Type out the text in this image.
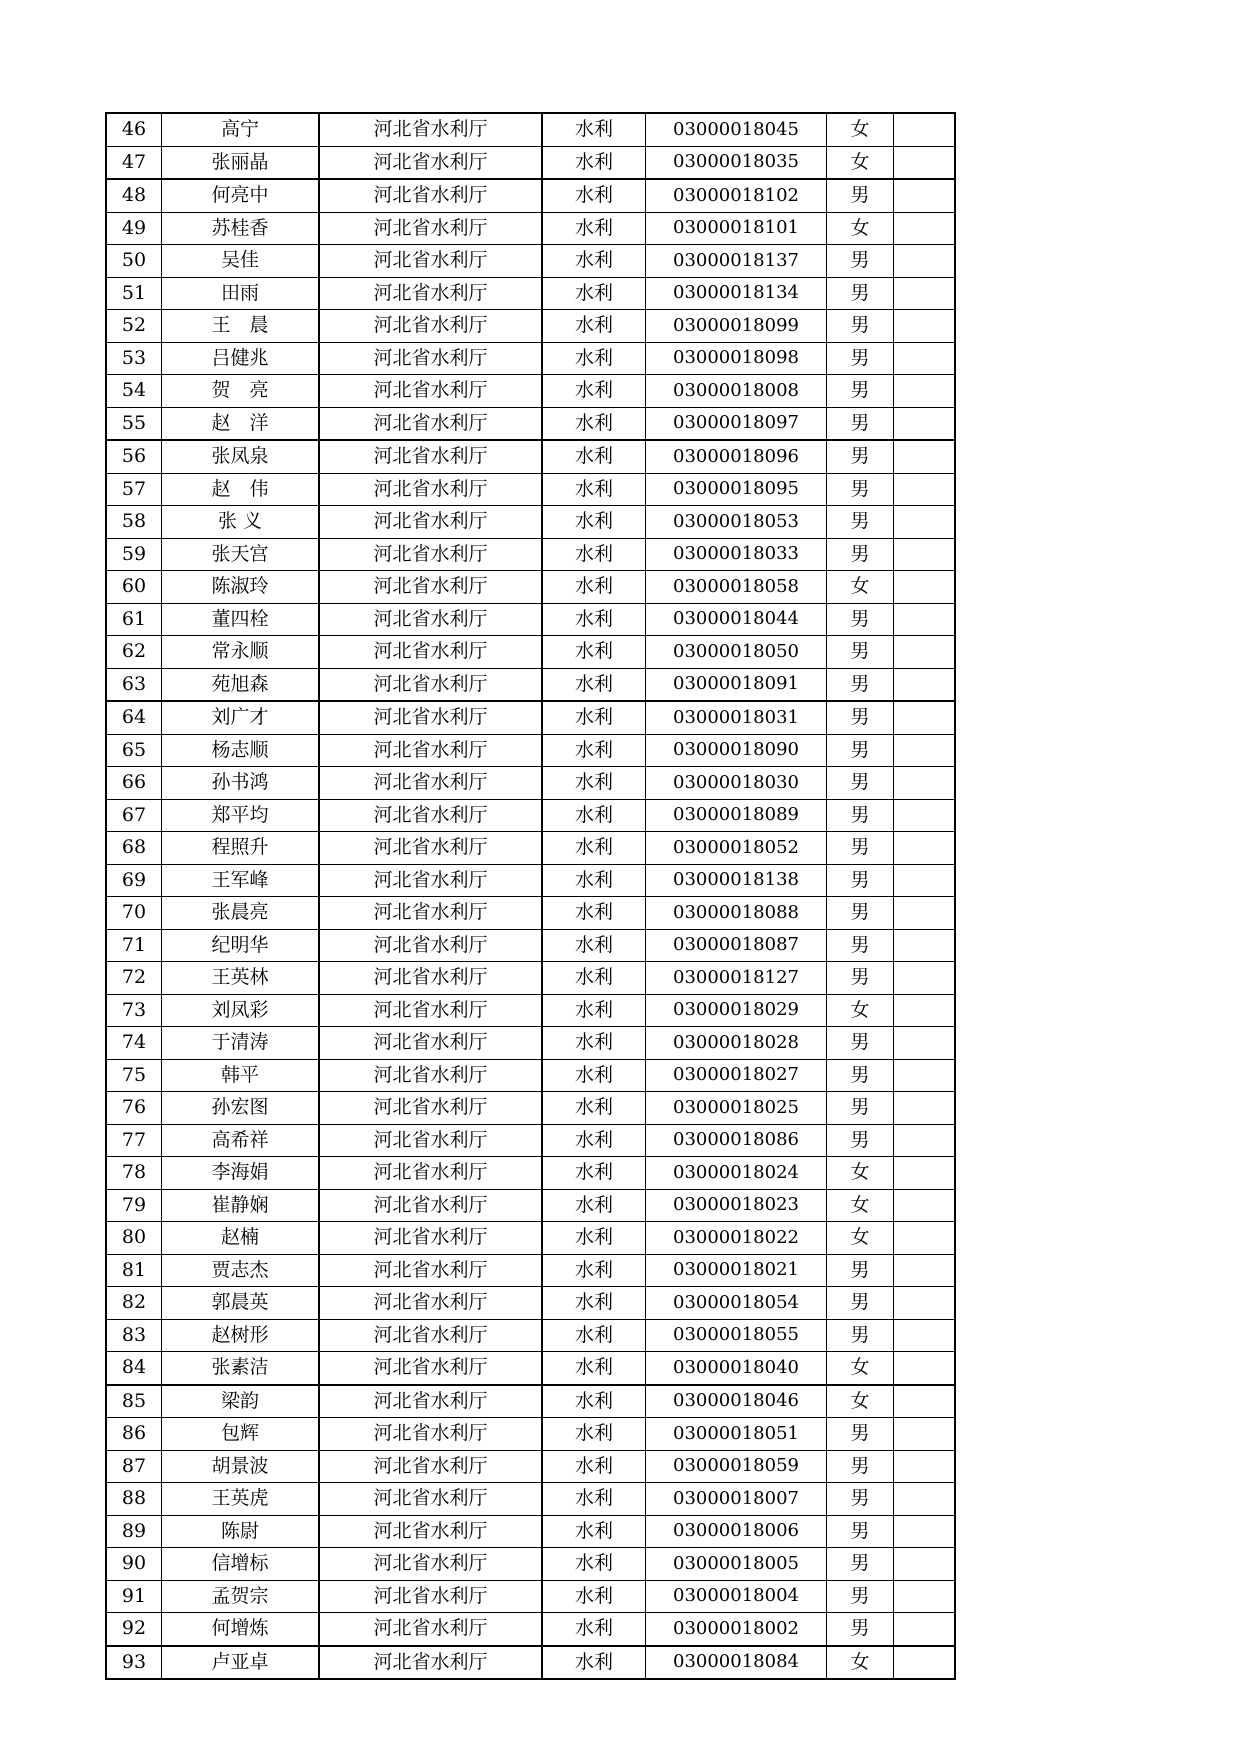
46	高宁	河北省水利厅	水利	03000018045	女	
47	张丽晶	河北省水利厅	水利	03000018035	女	
48	何亮中	河北省水利厅	水利	03000018102	男	
49	苏桂香	河北省水利厅	水利	03000018101	女	
50	吴佳	河北省水利厅	水利	03000018137	男	
51	田雨	河北省水利厅	水利	03000018134	男	
52	王　晨	河北省水利厅	水利	03000018099	男	
53	吕健兆	河北省水利厅	水利	03000018098	男	
54	贺　亮	河北省水利厅	水利	03000018008	男	
55	赵　洋	河北省水利厅	水利	03000018097	男	
56	张凤泉	河北省水利厅	水利	03000018096	男	
57	赵　伟	河北省水利厅	水利	03000018095	男	
58	张 义	河北省水利厅	水利	03000018053	男	
59	张天宫	河北省水利厅	水利	03000018033	男	
60	陈淑玲	河北省水利厅	水利	03000018058	女	
61	董四栓	河北省水利厅	水利	03000018044	男	
62	常永顺	河北省水利厅	水利	03000018050	男	
63	苑旭森	河北省水利厅	水利	03000018091	男	
64	刘广才	河北省水利厅	水利	03000018031	男	
65	杨志顺	河北省水利厅	水利	03000018090	男	
66	孙书鸿	河北省水利厅	水利	03000018030	男	
67	郑平均	河北省水利厅	水利	03000018089	男	
68	程照升	河北省水利厅	水利	03000018052	男	
69	王军峰	河北省水利厅	水利	03000018138	男	
70	张晨亮	河北省水利厅	水利	03000018088	男	
71	纪明华	河北省水利厅	水利	03000018087	男	
72	王英林	河北省水利厅	水利	03000018127	男	
73	刘凤彩	河北省水利厅	水利	03000018029	女	
74	于清涛	河北省水利厅	水利	03000018028	男	
75	韩平	河北省水利厅	水利	03000018027	男	
76	孙宏图	河北省水利厅	水利	03000018025	男	
77	高希祥	河北省水利厅	水利	03000018086	男	
78	李海娟	河北省水利厅	水利	03000018024	女	
79	崔静娴	河北省水利厅	水利	03000018023	女	
80	赵楠	河北省水利厅	水利	03000018022	女	
81	贾志杰	河北省水利厅	水利	03000018021	男	
82	郭晨英	河北省水利厅	水利	03000018054	男	
83	赵树形	河北省水利厅	水利	03000018055	男	
84	张素洁	河北省水利厅	水利	03000018040	女	
85	梁韵	河北省水利厅	水利	03000018046	女	
86	包辉	河北省水利厅	水利	03000018051	男	
87	胡景波	河北省水利厅	水利	03000018059	男	
88	王英虎	河北省水利厅	水利	03000018007	男	
89	陈尉	河北省水利厅	水利	03000018006	男	
90	信增标	河北省水利厅	水利	03000018005	男	
91	孟贺宗	河北省水利厅	水利	03000018004	男	
92	何增炼	河北省水利厅	水利	03000018002	男	
93	卢亚卓	河北省水利厅	水利	03000018084	女	
